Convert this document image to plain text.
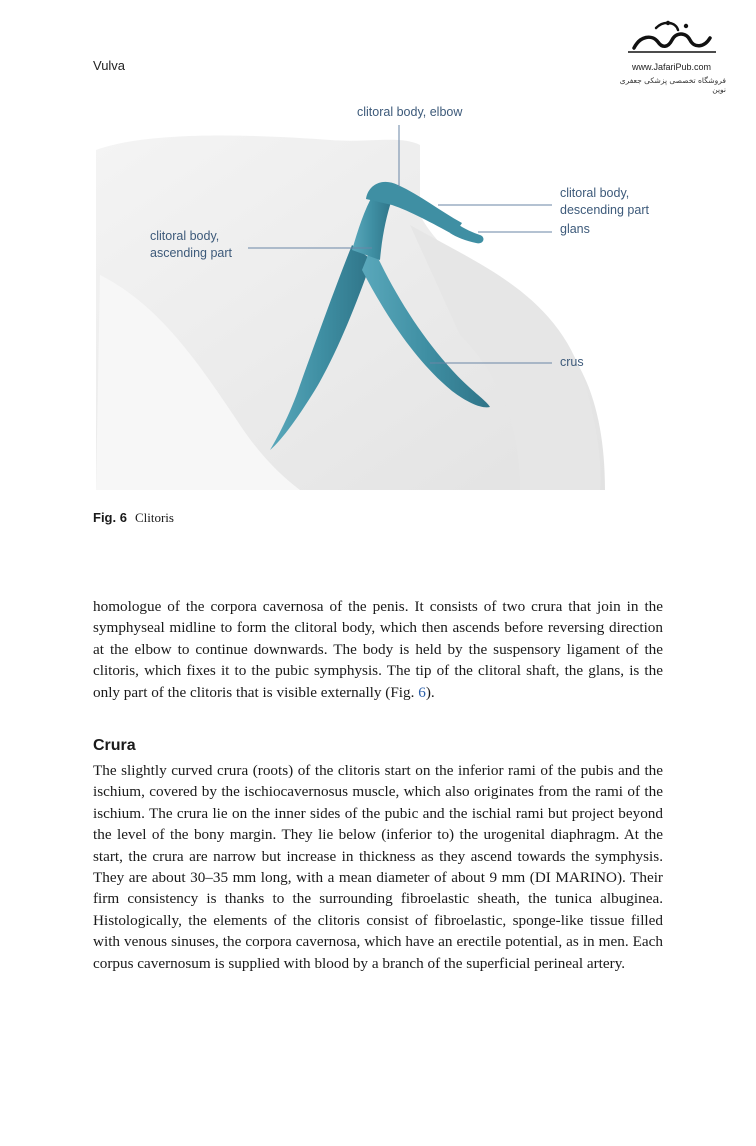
Vulva	www.JafariPub.com
فروشگاه تخصصی پزشکی جعفری نوین
clitoral body, elbow
clitoral body,
descending part
glans
clitoral body,
ascending part
crus
Fig. 6 Clitoris

homologue of the corpora cavernosa of the penis. It consists of two crura that join in the symphyseal midline to form the clitoral body, which then ascends before reversing direction at the elbow to continue downwards. The body is held by the suspensory ligament of the clitoris, which fixes it to the pubic symphysis. The tip of the clitoral shaft, the glans, is the only part of the clitoris that is visible externally (Fig. 6).

Crura

The slightly curved crura (roots) of the clitoris start on the inferior rami of the pubis and the ischium, covered by the ischiocavernosus muscle, which also originates from the rami of the ischium. The crura lie on the inner sides of the pubic and the ischial rami but project beyond the level of the bony margin. They lie below (inferior to) the urogenital diaphragm. At the start, the crura are narrow but increase in thickness as they ascend towards the symphysis. They are about 30–35 mm long, with a mean diameter of about 9 mm (DI MARINO). Their firm consistency is thanks to the surrounding fibroelastic sheath, the tunica albuginea. Histologically, the elements of the clitoris consist of fibroelastic, sponge-like tissue filled with venous sinuses, the corpora cavernosa, which have an erectile potential, as in men. Each corpus cavernosum is supplied with blood by a branch of the superficial perineal artery.
